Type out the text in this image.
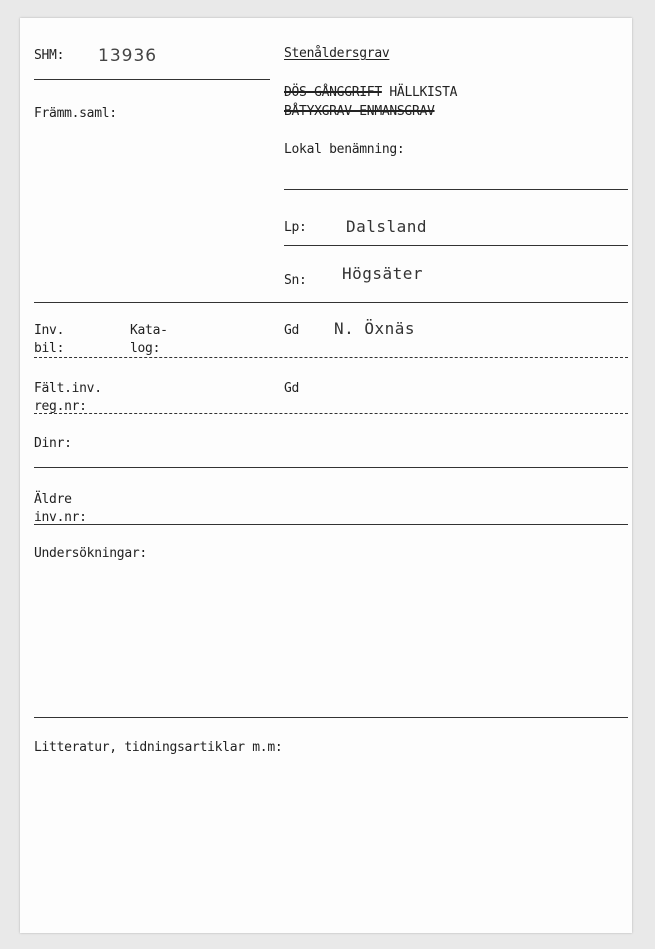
SHM: 13936
Främm.saml:
Stenåldersgrav
DÖS GÅNGGRIFT HÄLLKISTA
BÅTYXGRAV ENMANSGRAV
Lokal benämning:
Lp: Dalsland
Sn: Högsäter
Inv.
bil:
Kata-
log:
Gd N. Öxnäs
Fält.inv.
reg.nr:
Gd
Dinr:
Äldre
inv.nr:
Undersökningar:
Litteratur, tidningsartiklar m.m:
